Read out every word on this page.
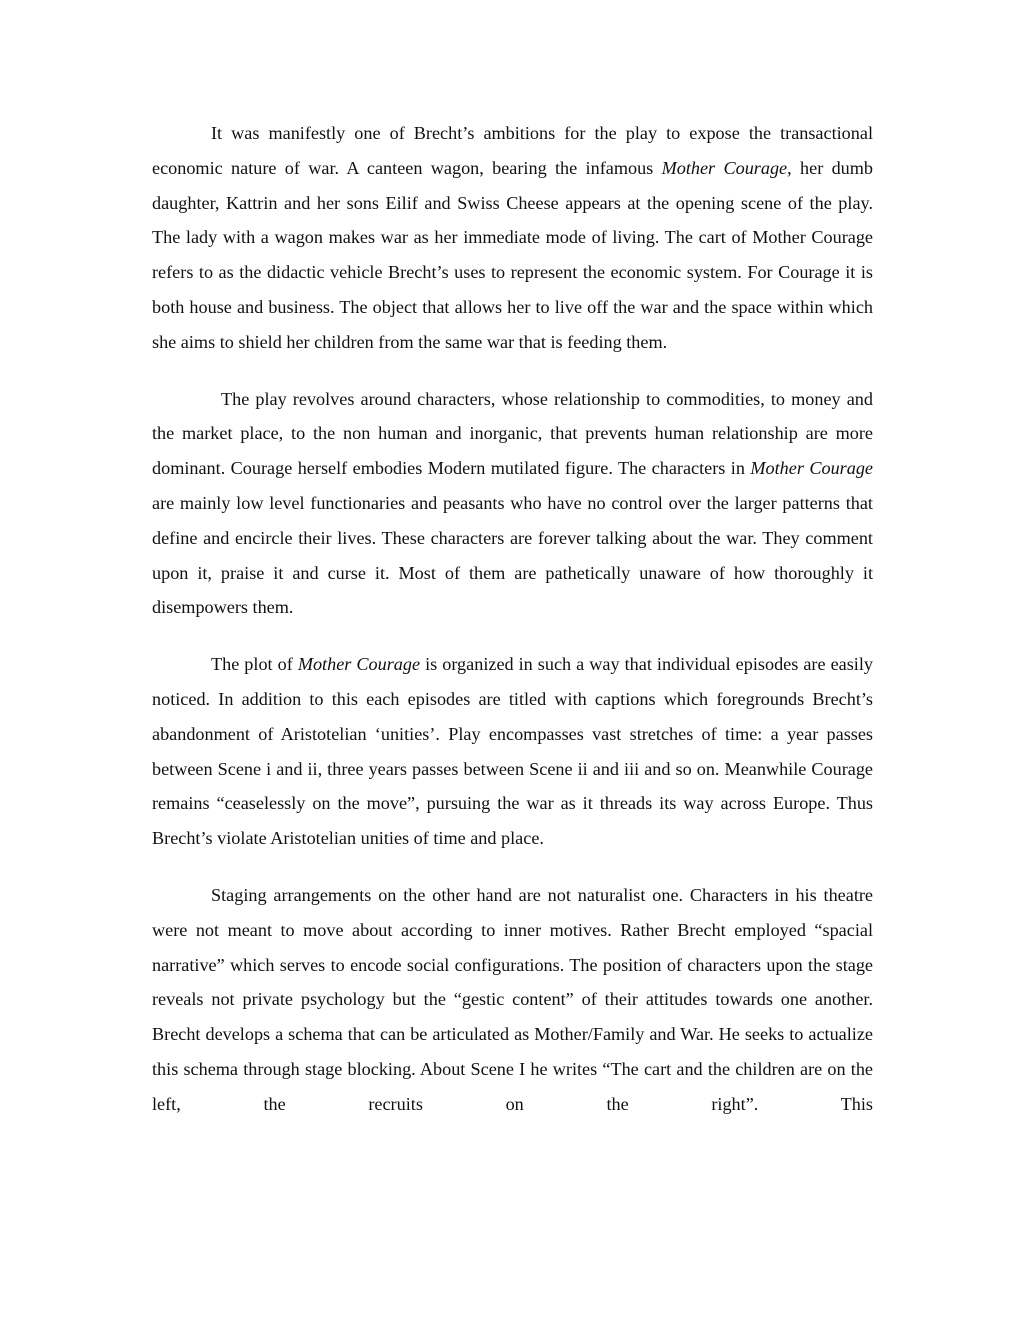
It was manifestly one of Brecht’s ambitions for the play to expose the transactional economic nature of war. A canteen wagon, bearing the infamous Mother Courage, her dumb daughter, Kattrin and her sons Eilif and Swiss Cheese appears at the opening scene of the play. The lady with a wagon makes war as her immediate mode of living. The cart of Mother Courage refers to as the didactic vehicle Brecht’s uses to represent the economic system. For Courage it is both house and business. The object that allows her to live off the war and the space within which she aims to shield her children from the same war that is feeding them.

The play revolves around characters, whose relationship to commodities, to money and the market place, to the non human and inorganic, that prevents human relationship are more dominant. Courage herself embodies Modern mutilated figure. The characters in Mother Courage are mainly low level functionaries and peasants who have no control over the larger patterns that define and encircle their lives. These characters are forever talking about the war. They comment upon it, praise it and curse it. Most of them are pathetically unaware of how thoroughly it disempowers them.

The plot of Mother Courage is organized in such a way that individual episodes are easily noticed. In addition to this each episodes are titled with captions which foregrounds Brecht’s abandonment of Aristotelian ‘unities’. Play encompasses vast stretches of time: a year passes between Scene i and ii, three years passes between Scene ii and iii and so on. Meanwhile Courage remains “ceaselessly on the move”, pursuing the war as it threads its way across Europe. Thus Brecht’s violate Aristotelian unities of time and place.

Staging arrangements on the other hand are not naturalist one. Characters in his theatre were not meant to move about according to inner motives. Rather Brecht employed “spacial narrative” which serves to encode social configurations. The position of characters upon the stage reveals not private psychology but the “gestic content” of their attitudes towards one another. Brecht develops a schema that can be articulated as Mother/Family and War. He seeks to actualize this schema through stage blocking. About Scene I he writes “The cart and the children are on the left, the recruits on the right”. This
